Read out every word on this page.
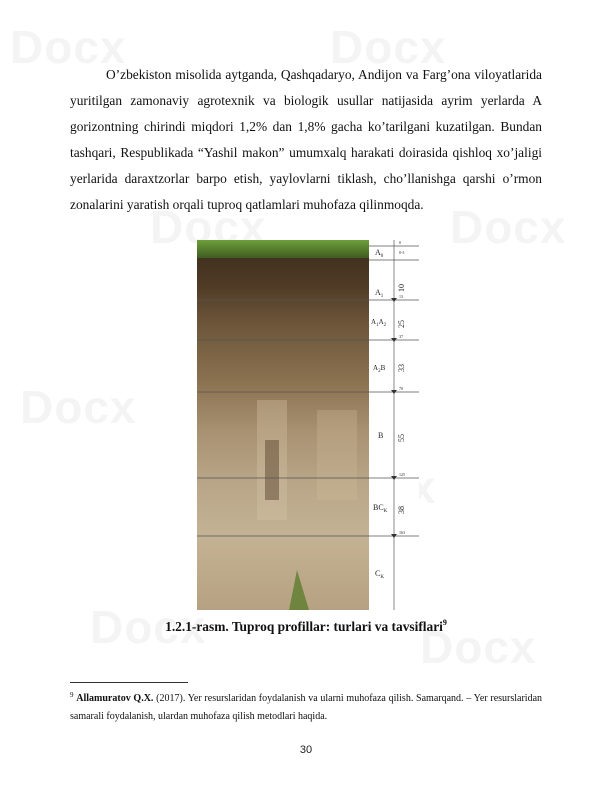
O’zbekiston misolida aytganda, Qashqadaryo, Andijon va Farg’ona viloyatlarida yuritilgan zamonaviy agrotexnik va biologik usullar natijasida ayrim yerlarda A gorizontning chirindi miqdori 1,2% dan 1,8% gacha ko’tarilgani kuzatilgan. Bundan tashqari, Respublikada “Yashil makon” umumxalq harakati doirasida qishloq xo’jaligi yerlarida daraxtzorlar barpo etish, yaylovlarni tiklash, cho’llanishga qarshi o’rmon zonalarini yaratish orqali tuproq qatlamlari muhofaza qilinmoqda.

$A_0$
$A_1$
$A_1A_2$
$A_2B$
B
$BC_K$
$C_K$
10
25
33
55
38
0
0-3
13
37
70
125
163
1.2.1-rasm. Tuproq profillar: turlari va tavsiflari$^9$
$^9$ Allamuratov Q.X. (2017). Yer resurslaridan foydalanish va ularni muhofaza qilish. Samarqand. – Yer resurslaridan samarali foydalanish, ulardan muhofaza qilish metodlari haqida.
30
